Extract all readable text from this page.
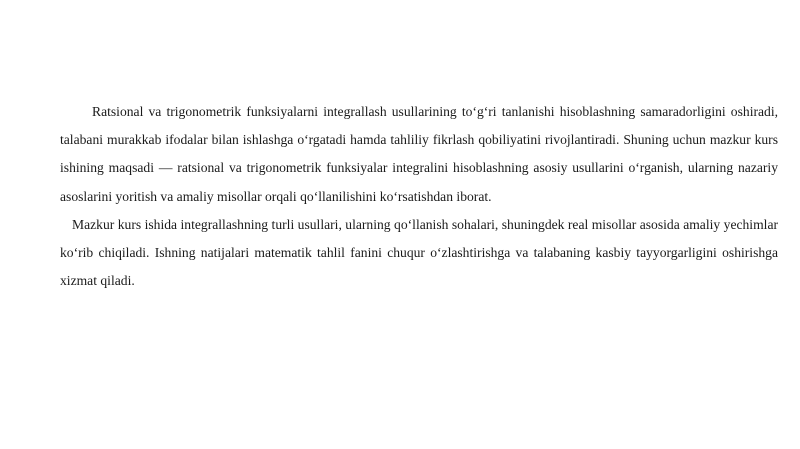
Ratsional va trigonometrik funksiyalarni integrallash usullarining to‘g‘ri tanlanishi hisoblashning samaradorligini oshiradi, talabani murakkab ifodalar bilan ishlashga o‘rgatadi hamda tahliliy fikrlash qobiliyatini rivojlantiradi. Shuning uchun mazkur kurs ishining maqsadi — ratsional va trigonometrik funksiyalar integralini hisoblashning asosiy usullarini o‘rganish, ularning nazariy asoslarini yoritish va amaliy misollar orqali qo‘llanilishini ko‘rsatishdan iborat.

Mazkur kurs ishida integrallashning turli usullari, ularning qo‘llanish sohalari, shuningdek real misollar asosida amaliy yechimlar ko‘rib chiqiladi. Ishning natijalari matematik tahlil fanini chuqur o‘zlashtirishga va talabaning kasbiy tayyorgarligini oshirishga xizmat qiladi.
